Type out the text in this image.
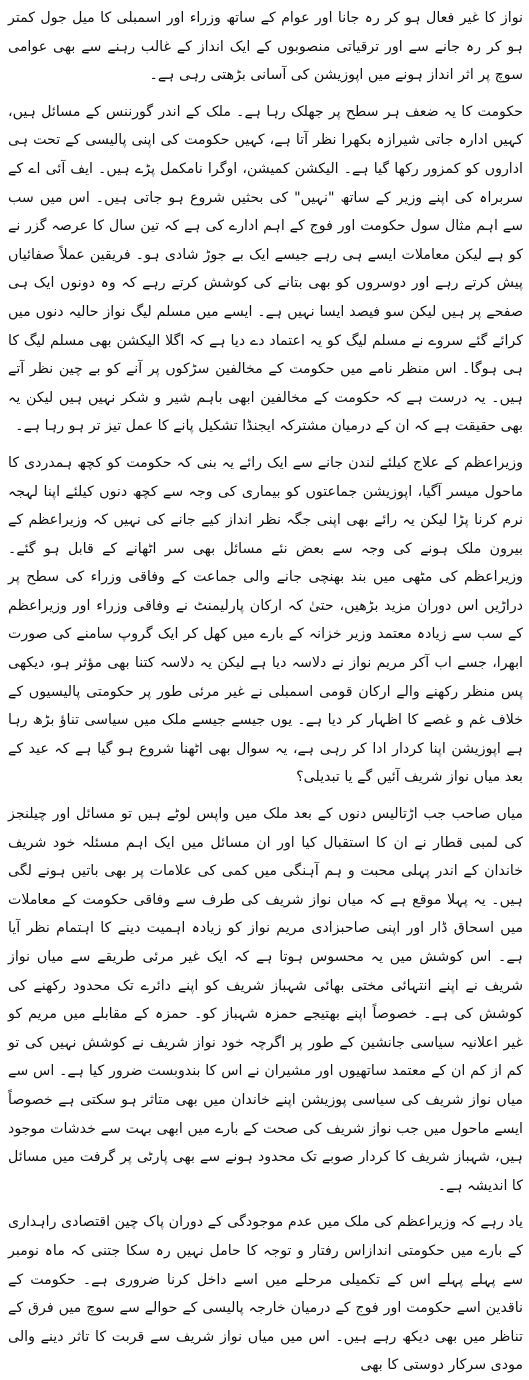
نواز کا غیر فعال ہو کر رہ جانا اور عوام کے ساتھ وزراء اور اسمبلی کا میل جول کمتر ہو کر رہ جانے سے اور ترقیاتی منصوبوں کے ایک انداز کے غالب رہنے سے بھی عوامی سوچ پر اثر انداز ہونے میں اپوزیشن کی آسانی بڑھتی رہی ہے۔

حکومت کا یہ ضعف ہر سطح پر جھلک رہا ہے۔ ملک کے اندر گورننس کے مسائل ہیں، کہیں ادارہ جاتی شیرازہ بکھرا نظر آتا ہے، کہیں حکومت کی اپنی پالیسی کے تحت ہی اداروں کو کمزور رکھا گیا ہے۔ الیکشن کمیشن، اوگرا نامکمل پڑے ہیں۔ ایف آئی اے کے سربراہ کی اپنے وزیر کے ساتھ "نہیں" کی بحثیں شروع ہو جاتی ہیں۔ اس میں سب سے اہم مثال سول حکومت اور فوج کے اہم ادارے کی ہے کہ تین سال کا عرصہ گزر نے کو ہے لیکن معاملات ایسے ہی رہے جیسے ایک بے جوڑ شادی ہو۔ فریقین عملاً صفائیاں پیش کرتے رہے اور دوسروں کو بھی بتانے کی کوشش کرتے رہے کہ وہ دونوں ایک ہی صفحے پر ہیں لیکن سو فیصد ایسا نہیں ہے۔ ایسے میں مسلم لیگ نواز حالیہ دنوں میں کرائے گئے سروے نے مسلم لیگ کو یہ اعتماد دے دیا ہے کہ اگلا الیکشن بھی مسلم لیگ کا ہی ہوگا۔ اس منظر نامے میں حکومت کے مخالفین سڑکوں پر آنے کو بے چین نظر آتے ہیں۔ یہ درست ہے کہ حکومت کے مخالفین ابھی باہم شیر و شکر نہیں ہیں لیکن یہ بھی حقیقت ہے کہ ان کے درمیان مشترکہ ایجنڈا تشکیل پانے کا عمل تیز تر ہو رہا ہے۔

وزیراعظم کے علاج کیلئے لندن جانے سے ایک رائے یہ بنی کہ حکومت کو کچھ ہمدردی کا ماحول میسر آگیا، اپوزیشن جماعتوں کو بیماری کی وجہ سے کچھ دنوں کیلئے اپنا لہجہ نرم کرنا پڑا لیکن یہ رائے بھی اپنی جگہ نظر انداز کیے جانے کی نہیں کہ وزیراعظم کے بیرون ملک ہونے کی وجہ سے بعض نئے مسائل بھی سر اٹھانے کے قابل ہو گئے۔ وزیراعظم کی مٹھی میں بند بھنچی جانے والی جماعت کے وفاقی وزراء کی سطح پر دراڑیں اس دوران مزید بڑھیں، حتیٰ کہ ارکان پارلیمنٹ نے وفاقی وزراء اور وزیراعظم کے سب سے زیادہ معتمد وزیر خزانہ کے بارے میں کھل کر ایک گروپ سامنے کی صورت ابھرا، جسے اب آکر مریم نواز نے دلاسہ دیا ہے لیکن یہ دلاسہ کتنا بھی مؤثر ہو، دیکھی پس منظر رکھنے والے ارکان قومی اسمبلی نے غیر مرئی طور پر حکومتی پالیسیوں کے خلاف غم و غصے کا اظہار کر دیا ہے۔ یوں جیسے جیسے ملک میں سیاسی تناؤ بڑھ رہا ہے اپوزیشن اپنا کردار ادا کر رہی ہے، یہ سوال بھی اٹھنا شروع ہو گیا ہے کہ عید کے بعد میاں نواز شریف آئیں گے یا تبدیلی؟

میاں صاحب جب اڑتالیس دنوں کے بعد ملک میں واپس لوٹے ہیں تو مسائل اور چیلنجز کی لمبی قطار نے ان کا استقبال کیا اور ان مسائل میں ایک اہم مسئلہ خود شریف خاندان کے اندر پہلی محبت و ہم آہنگی میں کمی کی علامات پر بھی باتیں ہونے لگی ہیں۔ یہ پہلا موقع ہے کہ میاں نواز شریف کی طرف سے وفاقی حکومت کے معاملات میں اسحاق ڈار اور اپنی صاحبزادی مریم نواز کو زیادہ اہمیت دینے کا اہتمام نظر آیا ہے۔ اس کوشش میں یہ محسوس ہوتا ہے کہ ایک غیر مرئی طریقے سے میاں نواز شریف نے اپنے انتہائی مختی بھائی شہباز شریف کو اپنے دائرے تک محدود رکھنے کی کوشش کی ہے۔ خصوصاً اپنے بھتیجے حمزہ شہباز کو۔ حمزہ کے مقابلے میں مریم کو غیر اعلانیہ سیاسی جانشین کے طور پر اگرچہ خود نواز شریف نے کوشش نہیں کی تو کم از کم ان کے معتمد ساتھیوں اور مشیران نے اس کا بندوبست ضرور کیا ہے۔ اس سے میاں نواز شریف کی سیاسی پوزیشن اپنے خاندان میں بھی متاثر ہو سکتی ہے خصوصاً ایسے ماحول میں جب نواز شریف کی صحت کے بارے میں ابھی بہت سے خدشات موجود ہیں، شہباز شریف کا کردار صوبے تک محدود ہونے سے بھی پارٹی پر گرفت میں مسائل کا اندیشہ ہے۔

یاد رہے کہ وزیراعظم کی ملک میں عدم موجودگی کے دوران پاک چین اقتصادی راہداری کے بارے میں حکومتی اندازاس رفتار و توجہ کا حامل نہیں رہ سکا جتنی کہ ماہ نومبر سے پہلے پہلے اس کے تکمیلی مرحلے میں اسے داخل کرنا ضروری ہے۔ حکومت کے ناقدین اسے حکومت اور فوج کے درمیان خارجہ پالیسی کے حوالے سے سوچ میں فرق کے تناظر میں بھی دیکھ رہے ہیں۔ اس میں میاں نواز شریف سے قربت کا تاثر دینے والی مودی سرکار دوستی کا بھی
